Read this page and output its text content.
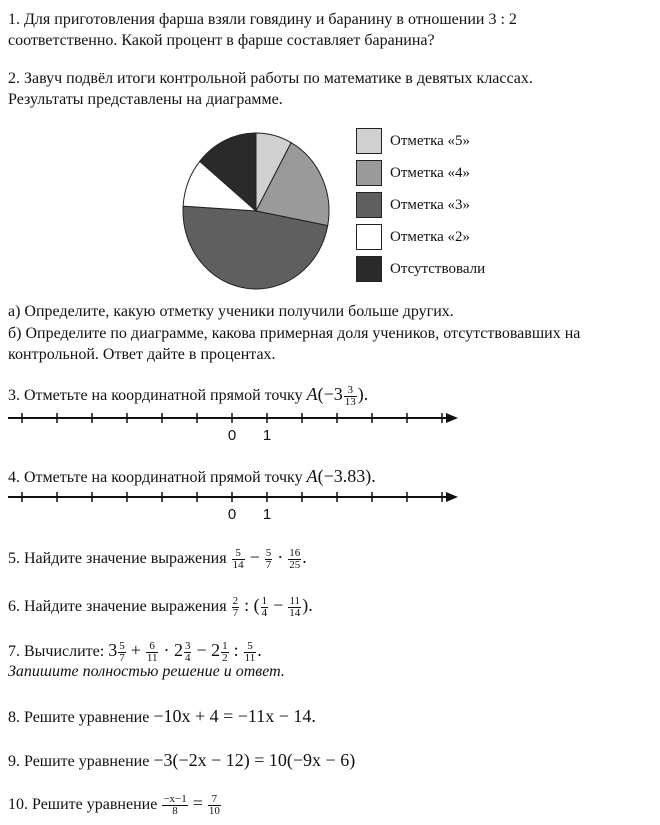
1. Для приготовления фарша взяли говядину и баранину в отношении 3 : 2
соответственно. Какой процент в фарше составляет баранина?
2. Завуч подвёл итоги контрольной работы по математике в девятых классах.
Результаты представлены на диаграмме.
Отметка «5»
Отметка «4»
Отметка «3»
Отметка «2»
Отсутствовали
а) Определите, какую отметку ученики получили больше других.
б) Определите по диаграмме, какова примерная доля учеников, отсутствовавших на
контрольной. Ответ дайте в процентах.
3. Отметьте на координатной прямой точку $A(-3 \frac{3}{13}$ ).
0 1
4. Отметьте на координатной прямой точку A(−3.83).
0 1
5. Найдите значение выражения $\frac{5}{14} - \frac{5}{7} \cdot \frac{16}{25}$ .
6. Найдите значение выражения $\frac{2}{7}$ : ( $\frac{1}{4} - \frac{11}{14}$ ).
7. Вычислите: $3 \frac{5}{7} + \frac{6}{11} \cdot 2 \frac{3}{4} - 2 \frac{1}{2}$ : $\frac{5}{11}$ .
Запишите полностью решение и ответ.
8. Решите уравнение −10x + 4 = −11x − 14.
9. Решите уравнение −3(−2x − 12) = 10(−9x − 6)
10. Решите уравнение $\frac{-x-1}{8} = \frac{7}{10}$
